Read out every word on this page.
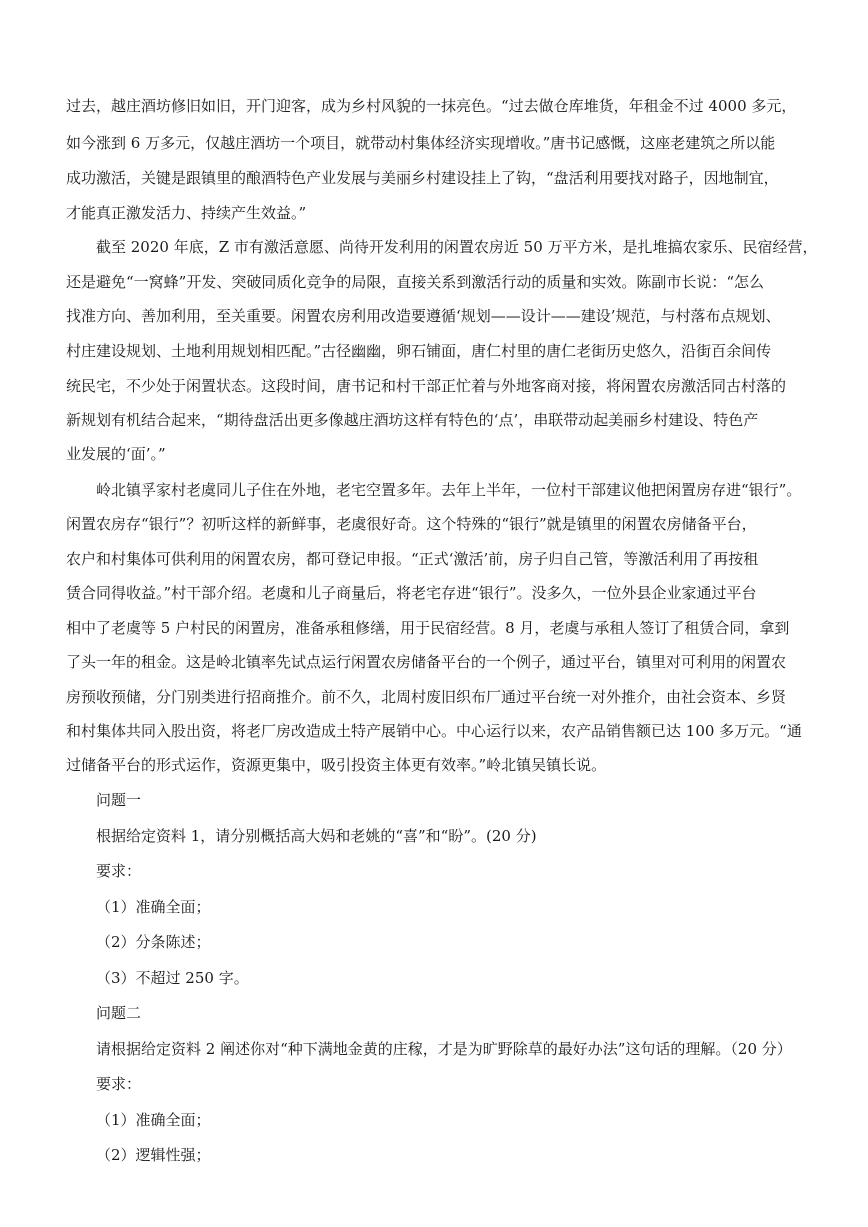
过去，越庄酒坊修旧如旧，开门迎客，成为乡村风貌的一抹亮色。“过去做仓库堆货，年租金不过 4000 多元，
如今涨到 6 万多元，仅越庄酒坊一个项目，就带动村集体经济实现增收。”唐书记感慨，这座老建筑之所以能
成功激活，关键是跟镇里的酿酒特色产业发展与美丽乡村建设挂上了钩，“盘活利用要找对路子，因地制宜，
才能真正激发活力、持续产生效益。”
截至 2020 年底，Z 市有激活意愿、尚待开发利用的闲置农房近 50 万平方米，是扎堆搞农家乐、民宿经营，
还是避免“一窝蜂”开发、突破同质化竞争的局限，直接关系到激活行动的质量和实效。陈副市长说：“怎么
找准方向、善加利用，至关重要。闲置农房利用改造要遵循‘规划——设计——建设’规范，与村落布点规划、
村庄建设规划、土地利用规划相匹配。”古径幽幽，卵石铺面，唐仁村里的唐仁老街历史悠久，沿街百余间传
统民宅，不少处于闲置状态。这段时间，唐书记和村干部正忙着与外地客商对接，将闲置农房激活同古村落的
新规划有机结合起来，“期待盘活出更多像越庄酒坊这样有特色的‘点’，串联带动起美丽乡村建设、特色产
业发展的‘面’。”
岭北镇孚家村老虞同儿子住在外地，老宅空置多年。去年上半年，一位村干部建议他把闲置房存进“银行”。
闲置农房存“银行”？初听这样的新鲜事，老虞很好奇。这个特殊的“银行”就是镇里的闲置农房储备平台，
农户和村集体可供利用的闲置农房，都可登记申报。“正式‘激活’前，房子归自己管，等激活利用了再按租
赁合同得收益。”村干部介绍。老虞和儿子商量后，将老宅存进“银行”。没多久，一位外县企业家通过平台
相中了老虞等 5 户村民的闲置房，准备承租修缮，用于民宿经营。8 月，老虞与承租人签订了租赁合同，拿到
了头一年的租金。这是岭北镇率先试点运行闲置农房储备平台的一个例子，通过平台，镇里对可利用的闲置农
房预收预储，分门别类进行招商推介。前不久，北周村废旧织布厂通过平台统一对外推介，由社会资本、乡贤
和村集体共同入股出资，将老厂房改造成土特产展销中心。中心运行以来，农产品销售额已达 100 多万元。“通
过储备平台的形式运作，资源更集中，吸引投资主体更有效率。”岭北镇吴镇长说。
问题一
根据给定资料 1，请分别概括高大妈和老姚的“喜”和“盼”。(20 分)
要求：
（1）准确全面；
（2）分条陈述；
（3）不超过 250 字。
问题二
请根据给定资料 2 阐述你对“种下满地金黄的庄稼，才是为旷野除草的最好办法”这句话的理解。（20 分）
要求：
（1）准确全面；
（2）逻辑性强；
